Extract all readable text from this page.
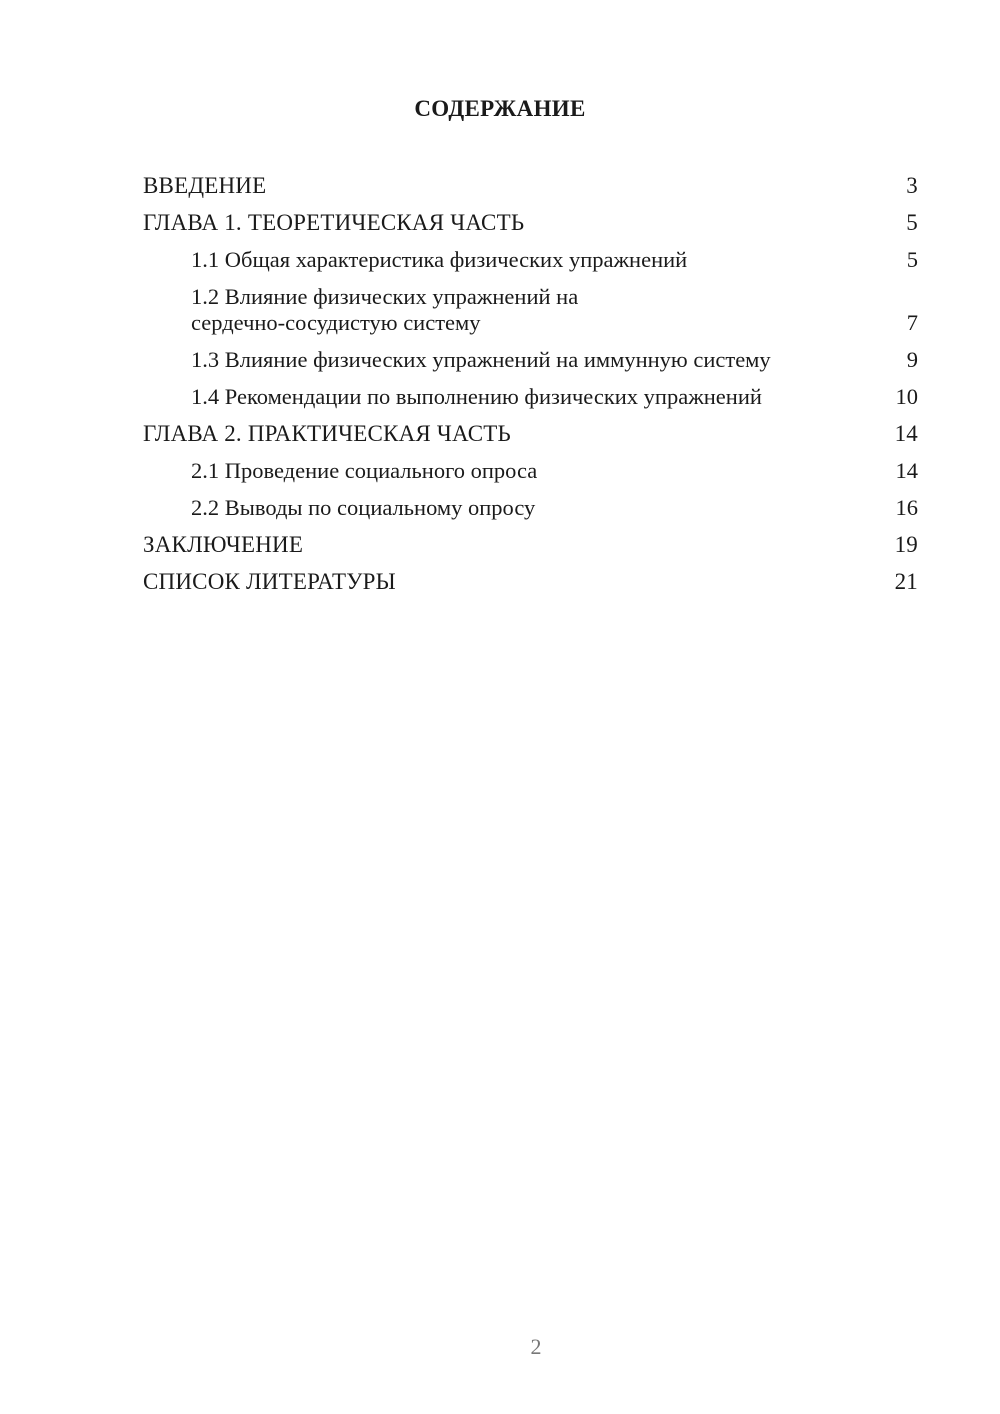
СОДЕРЖАНИЕ
ВВЕДЕНИЕ	3
ГЛАВА 1. ТЕОРЕТИЧЕСКАЯ ЧАСТЬ	5
1.1 Общая характеристика физических упражнений	5
1.2 Влияние физических упражнений на
сердечно-сосудистую систему	7
1.3 Влияние физических упражнений на иммунную систему	9
1.4 Рекомендации по выполнению физических упражнений	10
ГЛАВА 2. ПРАКТИЧЕСКАЯ ЧАСТЬ	14
2.1 Проведение социального опроса	14
2.2 Выводы по социальному опросу	16
ЗАКЛЮЧЕНИЕ	19
СПИСОК ЛИТЕРАТУРЫ	21
2
